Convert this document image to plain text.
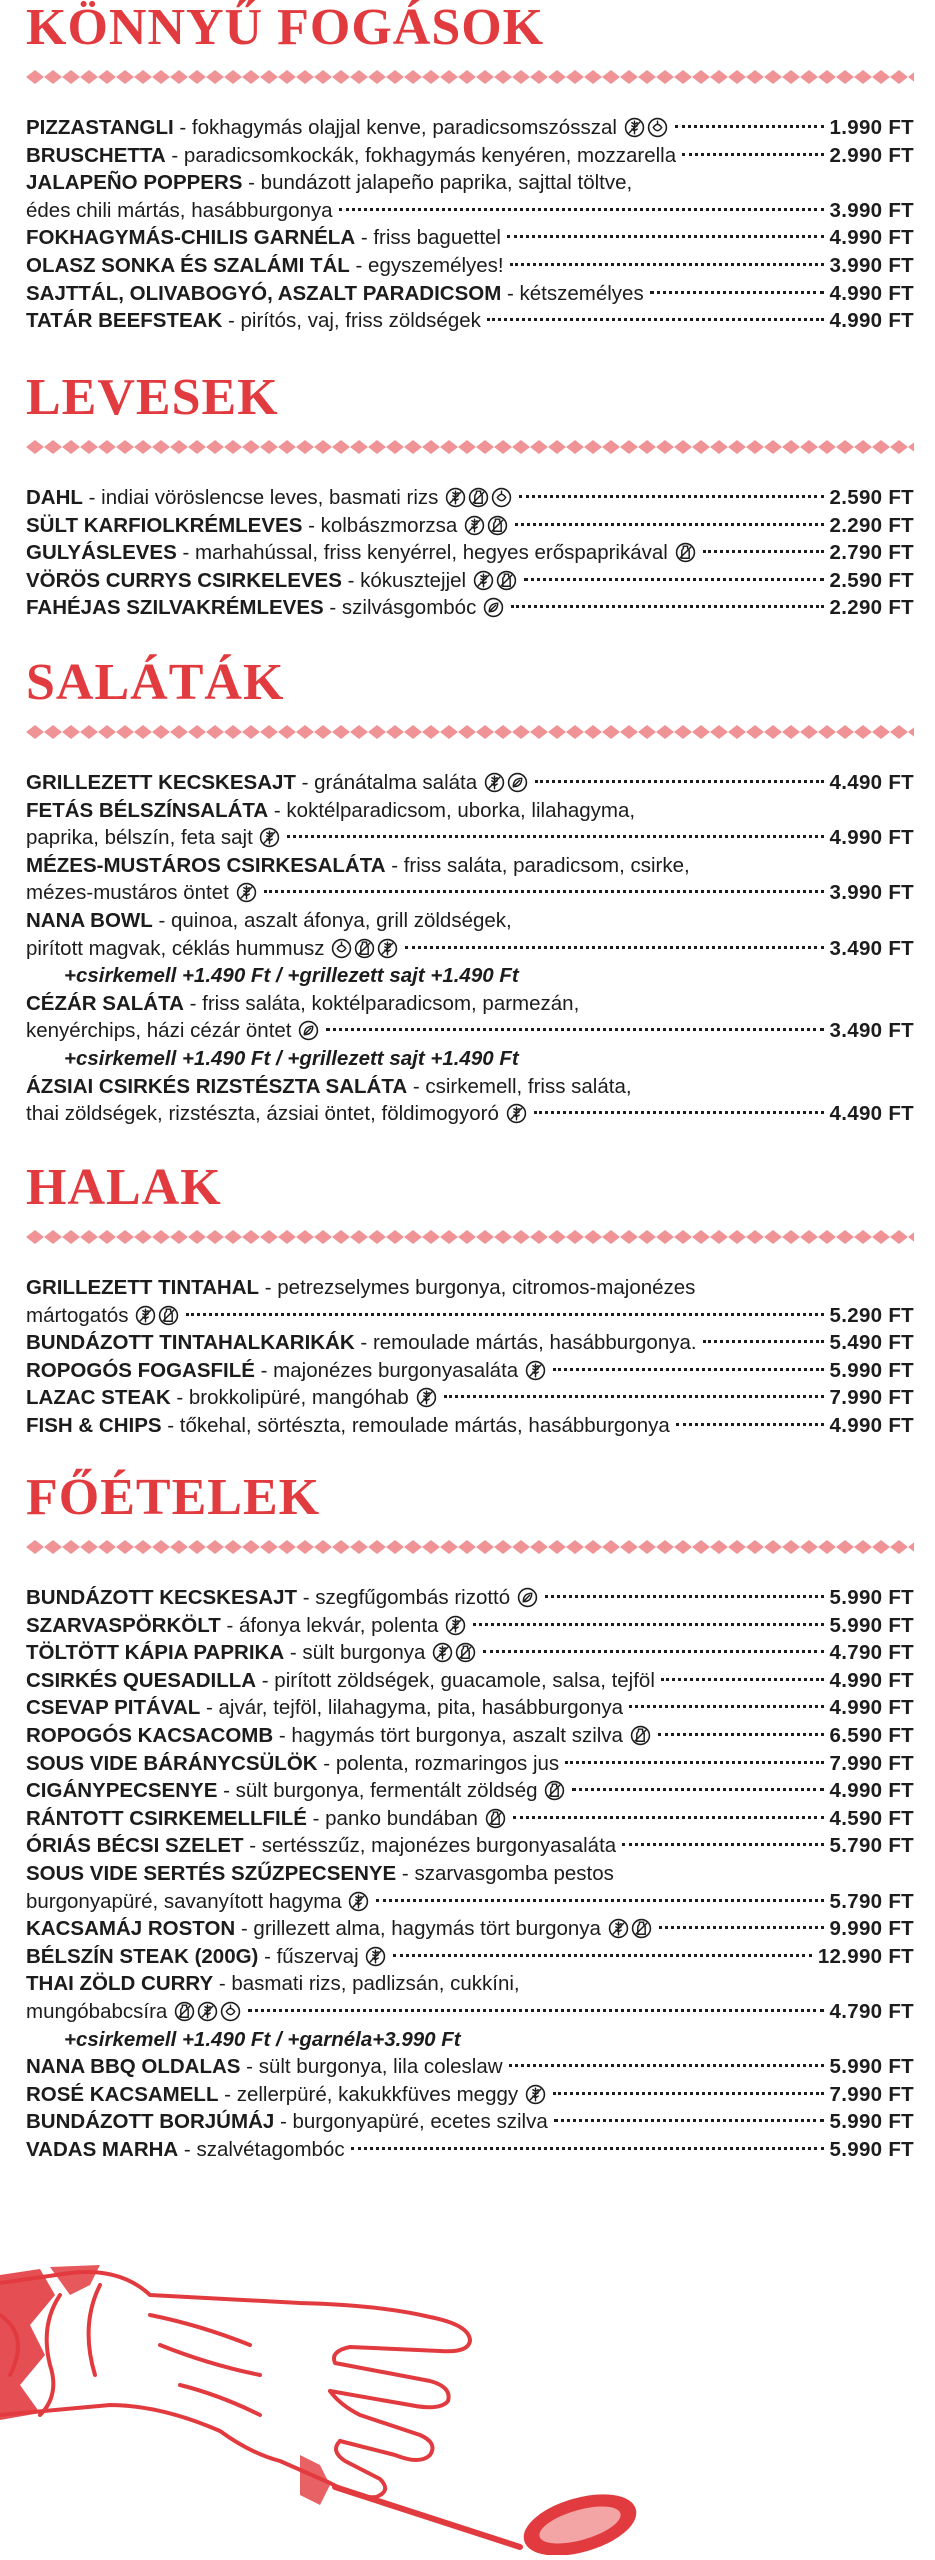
KÖNNYŰ FOGÁSOK
PIZZASTANGLI - fokhagymás olajjal kenve, paradicsomszósszal	1.990 FT
BRUSCHETTA - paradicsomkockák, fokhagymás kenyéren, mozzarella	2.990 FT
JALAPEÑO POPPERS - bundázott jalapeño paprika, sajttal töltve,
édes chili mártás, hasábburgonya	3.990 FT
FOKHAGYMÁS-CHILIS GARNÉLA - friss baguettel	4.990 FT
OLASZ SONKA ÉS SZALÁMI TÁL - egyszemélyes!	3.990 FT
SAJTTÁL, OLIVABOGYÓ, ASZALT PARADICSOM - kétszemélyes	4.990 FT
TATÁR BEEFSTEAK - pirítós, vaj, friss zöldségek	4.990 FT
LEVESEK
DAHL - indiai vöröslencse leves, basmati rizs	2.590 FT
SÜLT KARFIOLKRÉMLEVES - kolbászmorzsa	2.290 FT
GULYÁSLEVES - marhahússal, friss kenyérrel, hegyes erőspaprikával	2.790 FT
VÖRÖS CURRYS CSIRKELEVES - kókusztejjel	2.590 FT
FAHÉJAS SZILVAKRÉMLEVES - szilvásgombóc	2.290 FT
SALÁTÁK
GRILLEZETT KECSKESAJT - gránátalma saláta	4.490 FT
FETÁS BÉLSZÍNSALÁTA - koktélparadicsom, uborka, lilahagyma,
paprika, bélszín, feta sajt	4.990 FT
MÉZES-MUSTÁROS CSIRKESALÁTA - friss saláta, paradicsom, csirke,
mézes-mustáros öntet	3.990 FT
NANA BOWL - quinoa, aszalt áfonya, grill zöldségek,
pirított magvak, céklás hummusz	3.490 FT
+csirkemell +1.490 Ft / +grillezett sajt +1.490 Ft
CÉZÁR SALÁTA - friss saláta, koktélparadicsom, parmezán,
kenyérchips, házi cézár öntet	3.490 FT
+csirkemell +1.490 Ft / +grillezett sajt +1.490 Ft
ÁZSIAI CSIRKÉS RIZSTÉSZTA SALÁTA - csirkemell, friss saláta,
thai zöldségek, rizstészta, ázsiai öntet, földimogyoró	4.490 FT
HALAK
GRILLEZETT TINTAHAL - petrezselymes burgonya, citromos-majonézes
mártogatós	5.290 FT
BUNDÁZOTT TINTAHALKARIKÁK - remoulade mártás, hasábburgonya.	5.490 FT
ROPOGÓS FOGASFILÉ - majonézes burgonyasaláta	5.990 FT
LAZAC STEAK - brokkolipüré, mangóhab	7.990 FT
FISH & CHIPS - tőkehal, sörtészta, remoulade mártás, hasábburgonya	4.990 FT
FŐÉTELEK
BUNDÁZOTT KECSKESAJT - szegfűgombás rizottó	5.990 FT
SZARVASPÖRKÖLT - áfonya lekvár, polenta	5.990 FT
TÖLTÖTT KÁPIA PAPRIKA - sült burgonya	4.790 FT
CSIRKÉS QUESADILLA - pirított zöldségek, guacamole, salsa, tejföl	4.990 FT
CSEVAP PITÁVAL - ajvár, tejföl, lilahagyma, pita, hasábburgonya	4.990 FT
ROPOGÓS KACSACOMB - hagymás tört burgonya, aszalt szilva	6.590 FT
SOUS VIDE BÁRÁNYCSÜLÖK - polenta, rozmaringos jus	7.990 FT
CIGÁNYPECSENYE - sült burgonya, fermentált zöldség	4.990 FT
RÁNTOTT CSIRKEMELLFILÉ - panko bundában	4.590 FT
ÓRIÁS BÉCSI SZELET - sertésszűz, majonézes burgonyasaláta	5.790 FT
SOUS VIDE SERTÉS SZŰZPECSENYE - szarvasgomba pestos
burgonyapüré, savanyított hagyma	5.790 FT
KACSAMÁJ ROSTON - grillezett alma, hagymás tört burgonya	9.990 FT
BÉLSZÍN STEAK (200G) - fűszervaj	12.990 FT
THAI ZÖLD CURRY - basmati rizs, padlizsán, cukkíni,
mungóbabcsíra	4.790 FT
+csirkemell +1.490 Ft / +garnéla+3.990 Ft
NANA BBQ OLDALAS - sült burgonya, lila coleslaw	5.990 FT
ROSÉ KACSAMELL - zellerpüré, kakukkfüves meggy	7.990 FT
BUNDÁZOTT BORJÚMÁJ - burgonyapüré, ecetes szilva	5.990 FT
VADAS MARHA - szalvétagombóc	5.990 FT
